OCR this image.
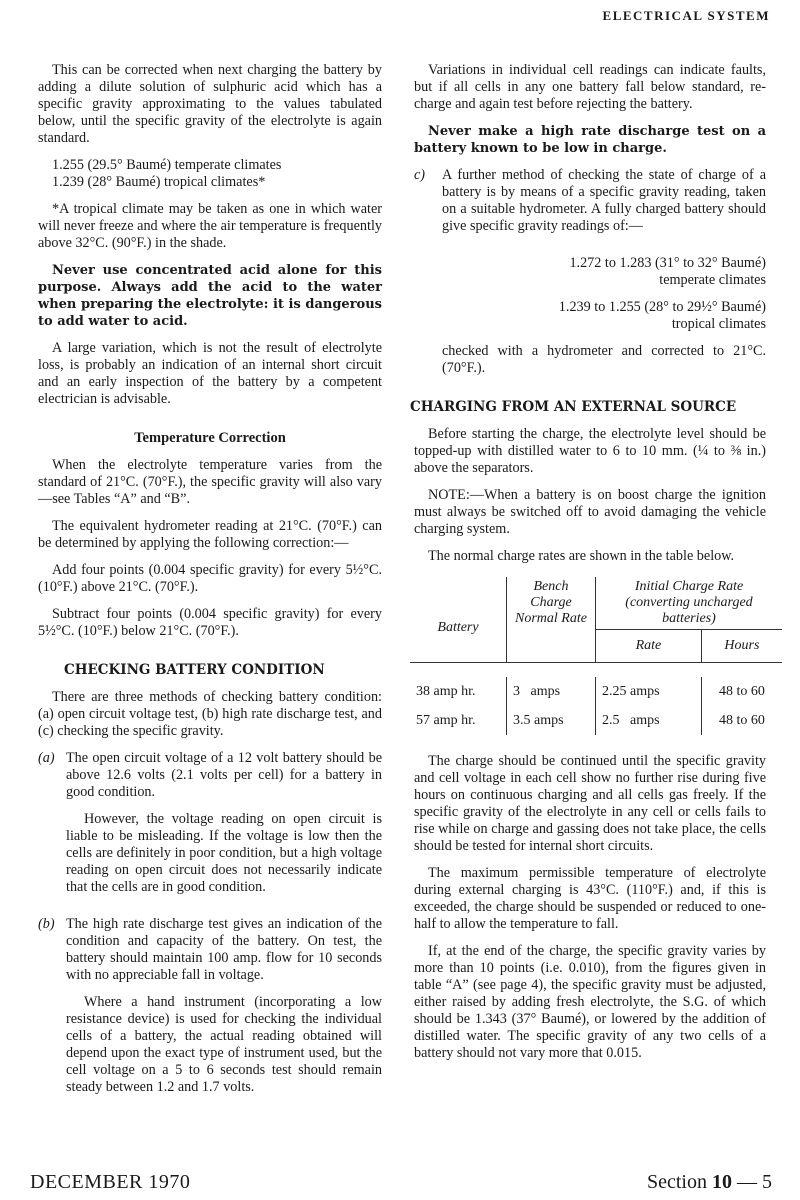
ELECTRICAL SYSTEM

This can be corrected when next charging the battery by adding a dilute solution of sulphuric acid which has a specific gravity approximating to the values tabulated below, until the specific gravity of the electrolyte is again standard.

1.255 (29.5° Baumé) temperate climates
1.239 (28° Baumé) tropical climates*

*A tropical climate may be taken as one in which water will never freeze and where the air temperature is frequently above 32°C. (90°F.) in the shade.

Never use concentrated acid alone for this purpose. Always add the acid to the water when preparing the electrolyte: it is dangerous to add water to acid.

A large variation, which is not the result of electrolyte loss, is probably an indication of an internal short circuit and an early inspection of the battery by a competent electrician is advisable.

Temperature Correction

When the electrolyte temperature varies from the standard of 21°C. (70°F.), the specific gravity will also vary—see Tables “A” and “B”.

The equivalent hydrometer reading at 21°C. (70°F.) can be determined by applying the following correction:—

Add four points (0.004 specific gravity) for every 5½°C. (10°F.) above 21°C. (70°F.).

Subtract four points (0.004 specific gravity) for every 5½°C. (10°F.) below 21°C. (70°F.).

CHECKING BATTERY CONDITION

There are three methods of checking battery condition: (a) open circuit voltage test, (b) high rate discharge test, and (c) checking the specific gravity.

(a) The open circuit voltage of a 12 volt battery should be above 12.6 volts (2.1 volts per cell) for a battery in good condition.

However, the voltage reading on open circuit is liable to be misleading. If the voltage is low then the cells are definitely in poor condition, but a high voltage reading on open circuit does not necessarily indicate that the cells are in good condition.

(b) The high rate discharge test gives an indication of the condition and capacity of the battery. On test, the battery should maintain 100 amp. flow for 10 seconds with no appreciable fall in voltage.

Where a hand instrument (incorporating a low resistance device) is used for checking the individual cells of a battery, the actual reading obtained will depend upon the exact type of instrument used, but the cell voltage on a 5 to 6 seconds test should remain steady between 1.2 and 1.7 volts.

Variations in individual cell readings can indicate faults, but if all cells in any one battery fall below standard, re-charge and again test before rejecting the battery.

Never make a high rate discharge test on a battery known to be low in charge.

c)	A further method of checking the state of charge of a battery is by means of a specific gravity reading, taken on a suitable hydrometer. A fully charged battery should give specific gravity readings of:—

1.272 to 1.283 (31° to 32° Baumé)
temperate climates
1.239 to 1.255 (28° to 29½° Baumé)
tropical climates

checked with a hydrometer and corrected to 21°C. (70°F.).

CHARGING FROM AN EXTERNAL SOURCE

Before starting the charge, the electrolyte level should be topped-up with distilled water to 6 to 10 mm. (¼ to ⅜ in.) above the separators.

NOTE:—When a battery is on boost charge the ignition must always be switched off to avoid damaging the vehicle charging system.

The normal charge rates are shown in the table below.

Battery	Bench Charge Normal Rate	Initial Charge Rate (converting uncharged batteries)	
		Rate	Hours

38 amp hr.	3   amps	2.25 amps	48 to 60
57 amp hr.	3.5 amps	2.5   amps	48 to 60

The charge should be continued until the specific gravity and cell voltage in each cell show no further rise during five hours on continuous charging and all cells gas freely. If the specific gravity of the electrolyte in any cell or cells fails to rise while on charge and gassing does not take place, the cells should be tested for internal short circuits.

The maximum permissible temperature of electrolyte during external charging is 43°C. (110°F.) and, if this is exceeded, the charge should be suspended or reduced to one-half to allow the temperature to fall.

If, at the end of the charge, the specific gravity varies by more than 10 points (i.e. 0.010), from the figures given in table “A” (see page 4), the specific gravity must be adjusted, either raised by adding fresh electrolyte, the S.G. of which should be 1.343 (37° Baumé), or lowered by the addition of distilled water. The specific gravity of any two cells of a battery should not vary more that 0.015.

DECEMBER 1970	Section 10 — 5
